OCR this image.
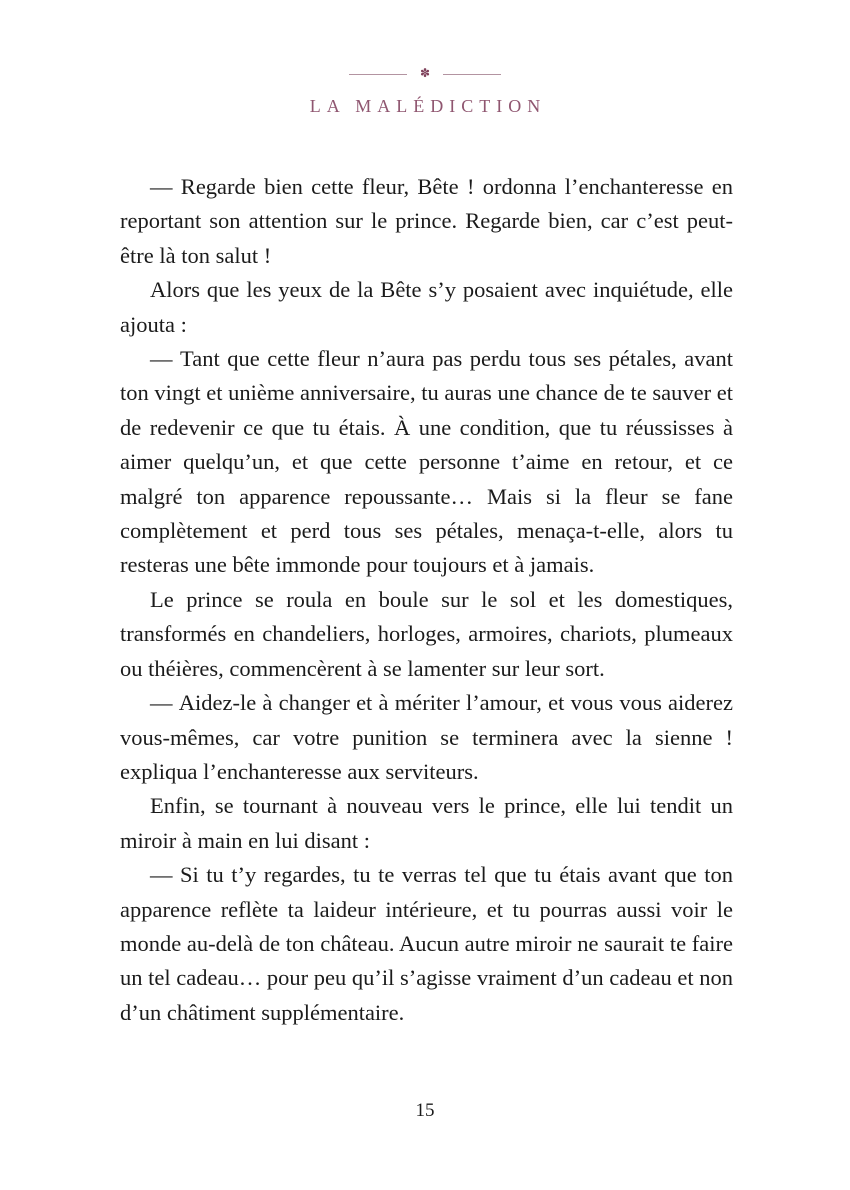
✽
LA MALÉDICTION

— Regarde bien cette fleur, Bête ! ordonna l’enchanteresse en reportant son attention sur le prince. Regarde bien, car c’est peut-être là ton salut !

Alors que les yeux de la Bête s’y posaient avec inquiétude, elle ajouta :

— Tant que cette fleur n’aura pas perdu tous ses pétales, avant ton vingt et unième anniversaire, tu auras une chance de te sauver et de redevenir ce que tu étais. À une condition, que tu réussisses à aimer quelqu’un, et que cette personne t’aime en retour, et ce malgré ton apparence repoussante… Mais si la fleur se fane complètement et perd tous ses pétales, menaça-t-elle, alors tu resteras une bête immonde pour toujours et à jamais.

Le prince se roula en boule sur le sol et les domestiques, transformés en chandeliers, horloges, armoires, chariots, plumeaux ou théières, commencèrent à se lamenter sur leur sort.

— Aidez-le à changer et à mériter l’amour, et vous vous aiderez vous-mêmes, car votre punition se terminera avec la sienne ! expliqua l’enchanteresse aux serviteurs.

Enfin, se tournant à nouveau vers le prince, elle lui tendit un miroir à main en lui disant :

— Si tu t’y regardes, tu te verras tel que tu étais avant que ton apparence reflète ta laideur intérieure, et tu pourras aussi voir le monde au-delà de ton château. Aucun autre miroir ne saurait te faire un tel cadeau… pour peu qu’il s’agisse vraiment d’un cadeau et non d’un châtiment supplémentaire.

15
